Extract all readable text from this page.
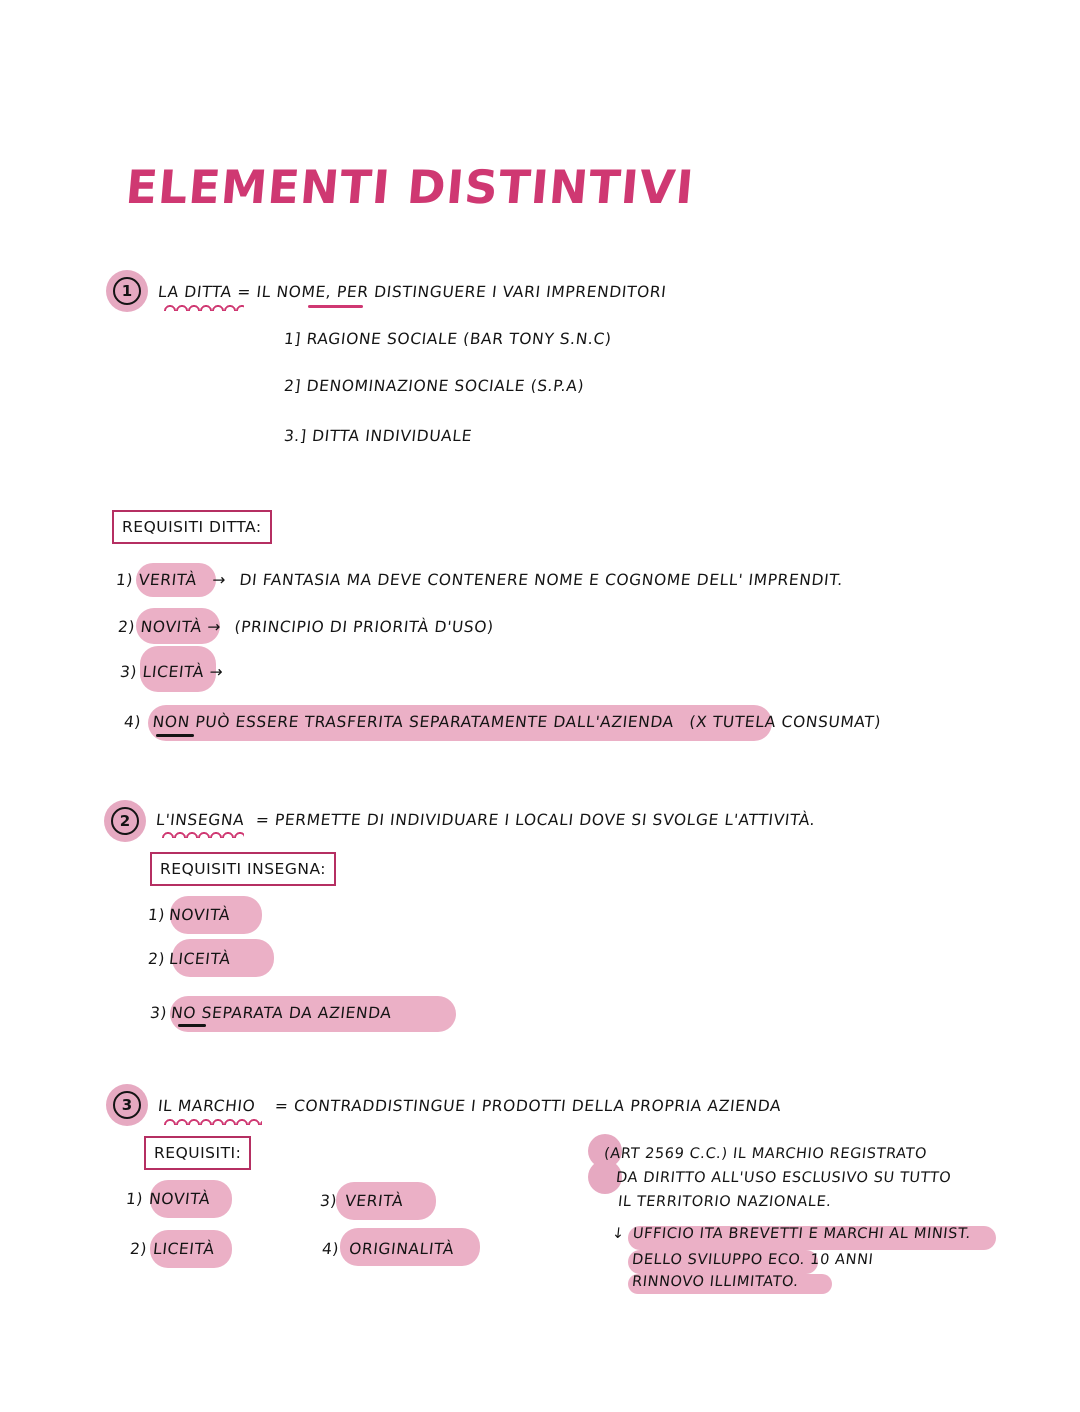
ELEMENTI DISTINTIVI
1	LA DITTA = IL NOME, PER DISTINGUERE I VARI IMPRENDITORI
1] RAGIONE SOCIALE (BAR TONY S.N.C)
2] DENOMINAZIONE SOCIALE (S.P.A)
3.] DITTA INDIVIDUALE
REQUISITI DITTA:
1) VERITÀ → DI FANTASIA MA DEVE CONTENERE NOME E COGNOME DELL' IMPRENDIT.
2) NOVITÀ → (PRINCIPIO DI PRIORITÀ D'USO)
3) LICEITÀ →
4) NON PUÒ ESSERE TRASFERITA SEPARATAMENTE DALL'AZIENDA (X TUTELA CONSUMAT)
2	L'INSEGNA = PERMETTE DI INDIVIDUARE I LOCALI DOVE SI SVOLGE L'ATTIVITÀ.
REQUISITI INSEGNA:
1) NOVITÀ
2) LICEITÀ
3) NO SEPARATA DA AZIENDA
3	IL MARCHIO = CONTRADDISTINGUE I PRODOTTI DELLA PROPRIA AZIENDA
REQUISITI:
1) NOVITÀ
2) LICEITÀ
3) VERITÀ
4) ORIGINALITÀ
(ART 2569 C.C.) IL MARCHIO REGISTRATO
DA DIRITTO ALL'USO ESCLUSIVO SU TUTTO
IL TERRITORIO NAZIONALE.
↓ UFFICIO ITA BREVETTI E MARCHI AL MINIST.
DELLO SVILUPPO ECO. 10 ANNI
RINNOVO ILLIMITATO.
